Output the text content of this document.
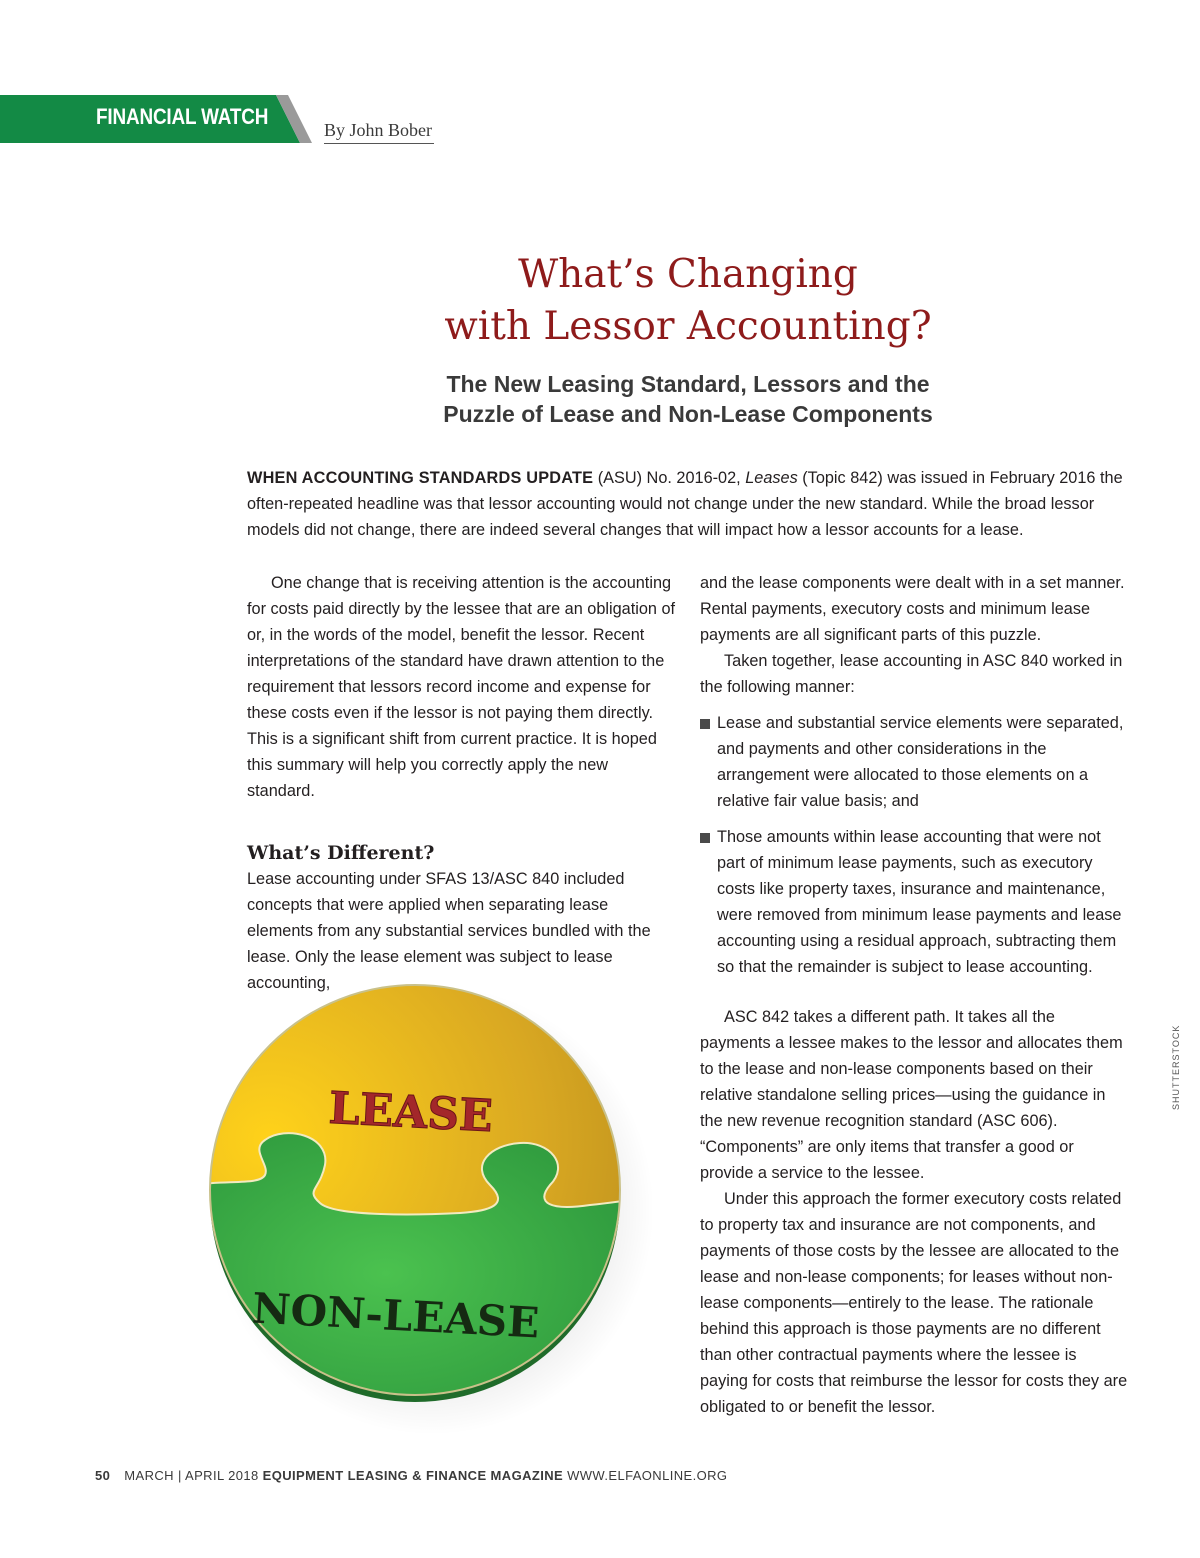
FINANCIAL WATCH
By John Bober
What’s Changing
with Lessor Accounting?
The New Leasing Standard, Lessors and the
Puzzle of Lease and Non-Lease Components

WHEN ACCOUNTING STANDARDS UPDATE (ASU) No. 2016-02, Leases (Topic 842) was issued in February 2016 the often-repeated headline was that lessor accounting would not change under the new standard. While the broad lessor models did not change, there are indeed several changes that will impact how a lessor accounts for a lease.

One change that is receiving attention is the accounting for costs paid directly by the lessee that are an obligation of or, in the words of the model, benefit the lessor. Recent interpretations of the standard have drawn attention to the requirement that lessors record income and expense for these costs even if the lessor is not paying them directly. This is a significant shift from current practice. It is hoped this summary will help you correctly apply the new standard.

What’s Different?

Lease accounting under SFAS 13/ASC 840 included concepts that were applied when separating lease elements from any substantial services bundled with the lease. Only the lease element was subject to lease accounting,

and the lease components were dealt with in a set manner. Rental payments, executory costs and minimum lease payments are all significant parts of this puzzle.

Taken together, lease accounting in ASC 840 worked in the following manner:

Lease and substantial service elements were separated, and payments and other considerations in the arrangement were allocated to those elements on a relative fair value basis; and
Those amounts within lease accounting that were not part of minimum lease payments, such as executory costs like property taxes, insurance and maintenance, were removed from minimum lease payments and lease accounting using a residual approach, subtracting them so that the remainder is subject to lease accounting.

ASC 842 takes a different path. It takes all the payments a lessee makes to the lessor and allocates them to the lease and non-lease components based on their relative standalone selling prices—using the guidance in the new revenue recognition standard (ASC 606). “Components” are only items that transfer a good or provide a service to the lessee.

Under this approach the former executory costs related to property tax and insurance are not components, and payments of those costs by the lessee are allocated to the lease and non-lease components; for leases without non-lease components—entirely to the lease. The rationale behind this approach is those payments are no different than other contractual payments where the lessee is paying for costs that reimburse the lessor for costs they are obligated to or benefit the lessor.

LEASE
NON-LEASE
SHUTTERSTOCK
50 MARCH | APRIL 2018 EQUIPMENT LEASING & FINANCE MAGAZINE WWW.ELFAONLINE.ORG
